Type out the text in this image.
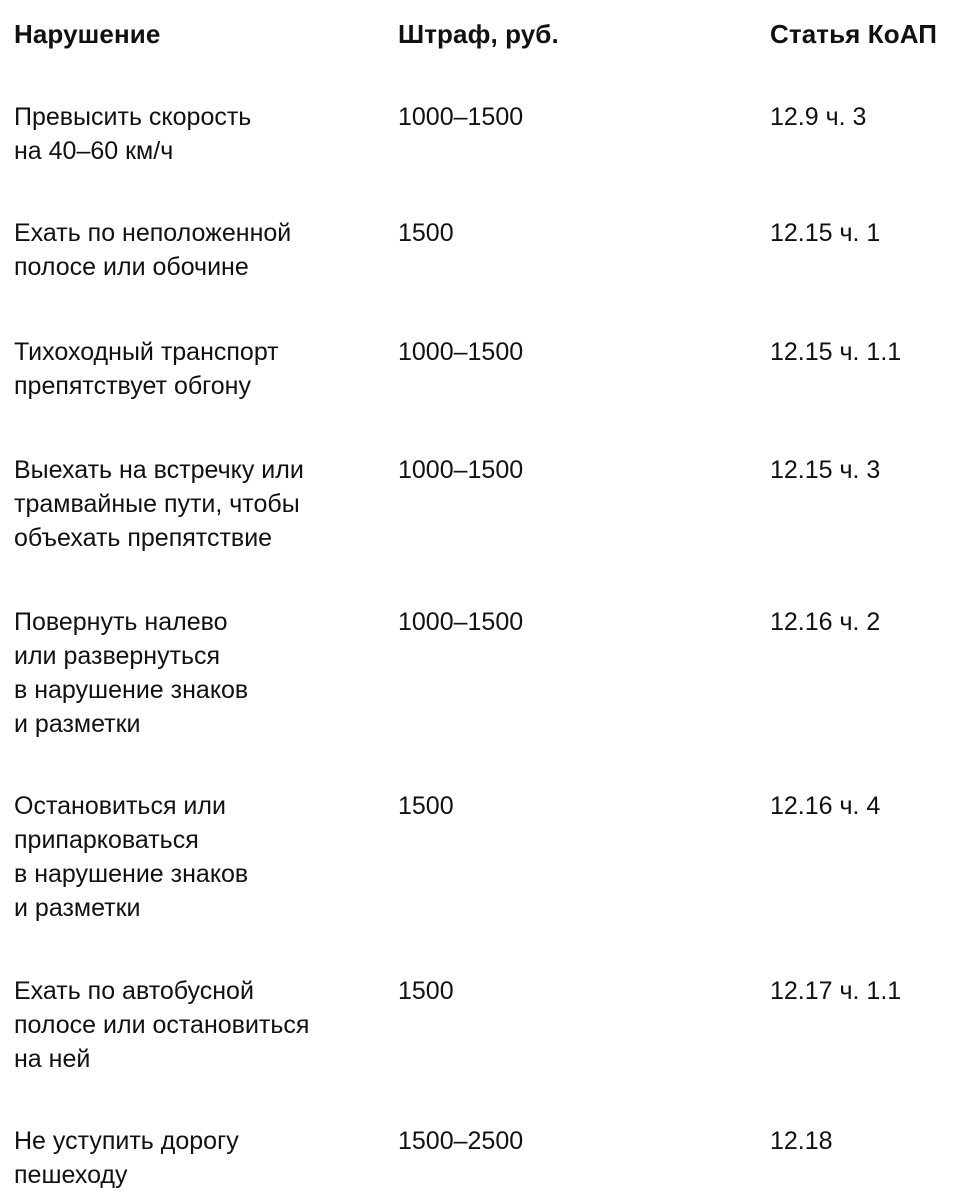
Нарушение	Штраф, руб.	Статья КоАП

Превысить скорость
на 40–60 км/ч	1000–1500	12.9 ч. 3

Ехать по неположенной
полосе или обочине	1500	12.15 ч. 1

Тихоходный транспорт
препятствует обгону	1000–1500	12.15 ч. 1.1

Выехать на встречку или
трамвайные пути, чтобы
объехать препятствие	1000–1500	12.15 ч. 3

Повернуть налево
или развернуться
в нарушение знаков
и разметки	1000–1500	12.16 ч. 2

Остановиться или
припарковаться
в нарушение знаков
и разметки	1500	12.16 ч. 4

Ехать по автобусной
полосе или остановиться
на ней	1500	12.17 ч. 1.1

Не уступить дорогу
пешеходу	1500–2500	12.18
